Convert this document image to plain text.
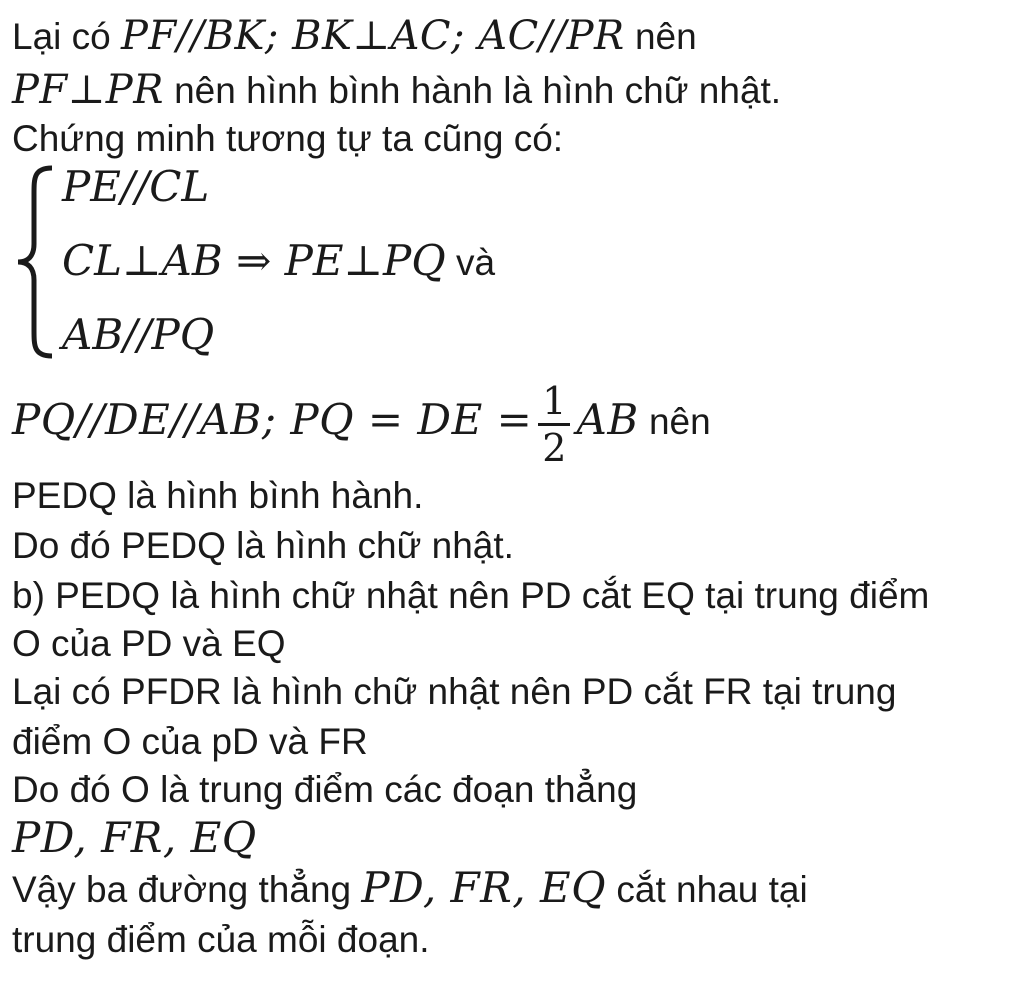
Lại có PF//BK; BK⊥AC; AC//PR nên
PF⊥PR nên hình bình hành là hình chữ nhật.
Chứng minh tương tự ta cũng có:
PE//CL
CL⊥AB ⇒ PE⊥PQ và
AB//PQ
PQ//DE//AB; PQ = DE = $\frac{1}{2}$ AB nên
PEDQ là hình bình hành.
Do đó PEDQ là hình chữ nhật.
b) PEDQ là hình chữ nhật nên PD cắt EQ tại trung điểm
O của PD và EQ
Lại có PFDR là hình chữ nhật nên PD cắt FR tại trung
điểm O của pD và FR
Do đó O là trung điểm các đoạn thẳng
PD, FR, EQ
Vậy ba đường thẳng PD, FR, EQ cắt nhau tại
trung điểm của mỗi đoạn.
